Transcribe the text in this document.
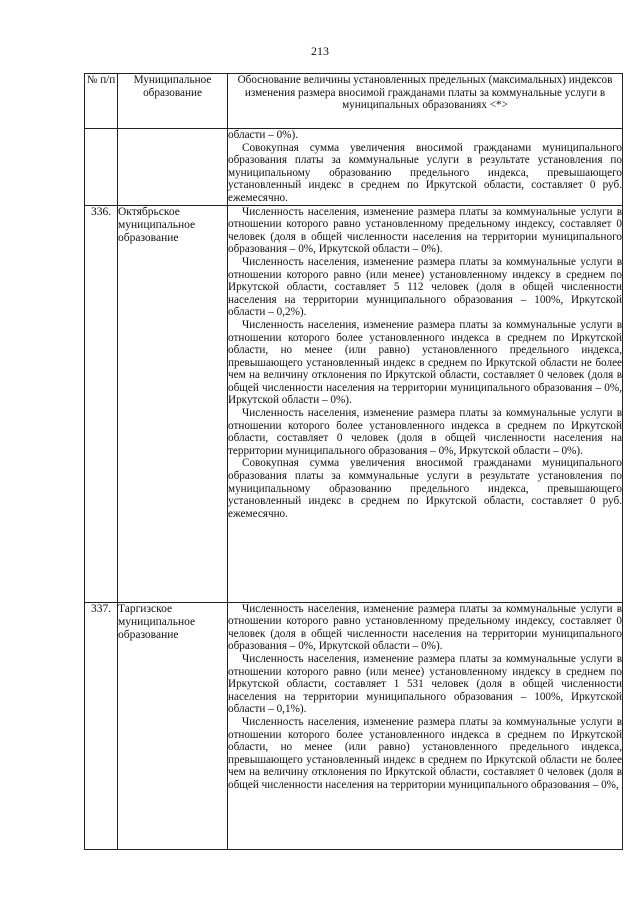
213
№ п/п	Муниципальное образование	Обоснование величины установленных предельных (максимальных) индексов изменения размера вносимой гражданами платы за коммунальные услуги в муниципальных образованиях <*>

		области – 0%).

Совокупная сумма увеличения вносимой гражданами муниципального образования платы за коммунальные услуги в результате установления по муниципальному образованию предельного индекса, превышающего установленный индекс в среднем по Иркутской области, составляет 0 руб. ежемесячно.

336.	Октябрьское муниципальное образование	Численность населения, изменение размера платы за коммунальные услуги в отношении которого равно установленному предельному индексу, составляет 0 человек (доля в общей численности населения на территории муниципального образования – 0%, Иркутской области – 0%).

Численность населения, изменение размера платы за коммунальные услуги в отношении которого равно (или менее) установленному индексу в среднем по Иркутской области, составляет 5 112 человек (доля в общей численности населения на территории муниципального образования – 100%, Иркутской области – 0,2%).

Численность населения, изменение размера платы за коммунальные услуги в отношении которого более установленного индекса в среднем по Иркутской области, но менее (или равно) установленного предельного индекса, превышающего установленный индекс в среднем по Иркутской области не более чем на величину отклонения по Иркутской области, составляет 0 человек (доля в общей численности населения на территории муниципального образования – 0%, Иркутской области – 0%).

Численность населения, изменение размера платы за коммунальные услуги в отношении которого более установленного индекса в среднем по Иркутской области, составляет 0 человек (доля в общей численности населения на территории муниципального образования – 0%, Иркутской области – 0%).

Совокупная сумма увеличения вносимой гражданами муниципального образования платы за коммунальные услуги в результате установления по муниципальному образованию предельного индекса, превышающего установленный индекс в среднем по Иркутской области, составляет 0 руб. ежемесячно.

337.	Таргизское муниципальное образование	Численность населения, изменение размера платы за коммунальные услуги в отношении которого равно установленному предельному индексу, составляет 0 человек (доля в общей численности населения на территории муниципального образования – 0%, Иркутской области – 0%).

Численность населения, изменение размера платы за коммунальные услуги в отношении которого равно (или менее) установленному индексу в среднем по Иркутской области, составляет 1 531 человек (доля в общей численности населения на территории муниципального образования – 100%, Иркутской области – 0,1%).

Численность населения, изменение размера платы за коммунальные услуги в отношении которого более установленного индекса в среднем по Иркутской области, но менее (или равно) установленного предельного индекса, превышающего установленный индекс в среднем по Иркутской области не более чем на величину отклонения по Иркутской области, составляет 0 человек (доля в общей численности населения на территории муниципального образования – 0%,
